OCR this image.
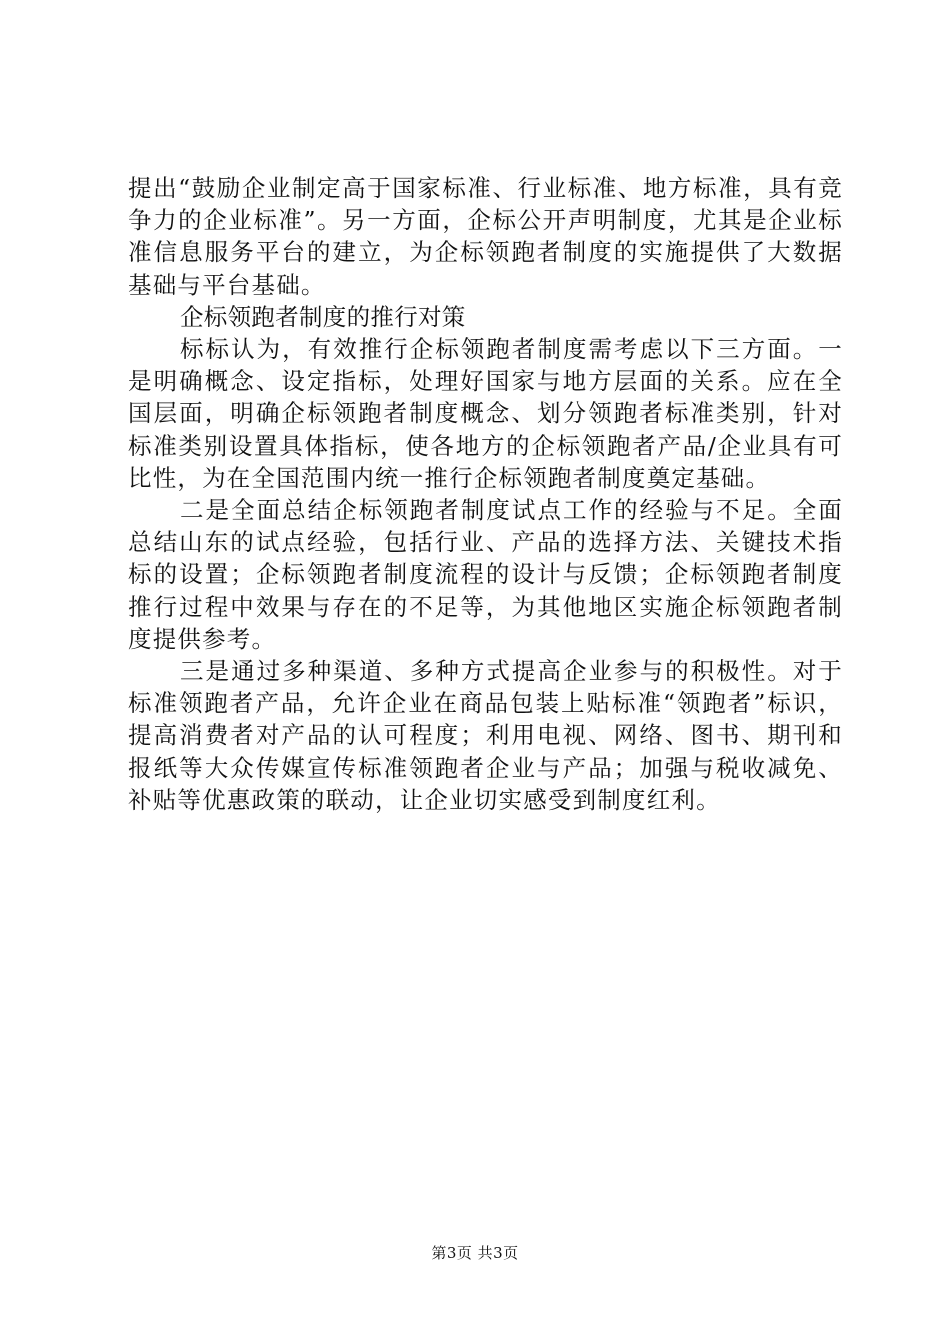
提出“鼓励企业制定高于国家标准、行业标准、地方标准，具有竞争力的企业标准”。另一方面，企标公开声明制度，尤其是企业标准信息服务平台的建立，为企标领跑者制度的实施提供了大数据基础与平台基础。

企标领跑者制度的推行对策

标标认为，有效推行企标领跑者制度需考虑以下三方面。一是明确概念、设定指标，处理好国家与地方层面的关系。应在全国层面，明确企标领跑者制度概念、划分领跑者标准类别，针对标准类别设置具体指标，使各地方的企标领跑者产品/企业具有可比性，为在全国范围内统一推行企标领跑者制度奠定基础。

二是全面总结企标领跑者制度试点工作的经验与不足。全面总结山东的试点经验，包括行业、产品的选择方法、关键技术指标的设置；企标领跑者制度流程的设计与反馈；企标领跑者制度推行过程中效果与存在的不足等，为其他地区实施企标领跑者制度提供参考。

三是通过多种渠道、多种方式提高企业参与的积极性。对于标准领跑者产品，允许企业在商品包装上贴标准“领跑者”标识，提高消费者对产品的认可程度；利用电视、网络、图书、期刊和报纸等大众传媒宣传标准领跑者企业与产品；加强与税收减免、补贴等优惠政策的联动，让企业切实感受到制度红利。

第3页 共3页
